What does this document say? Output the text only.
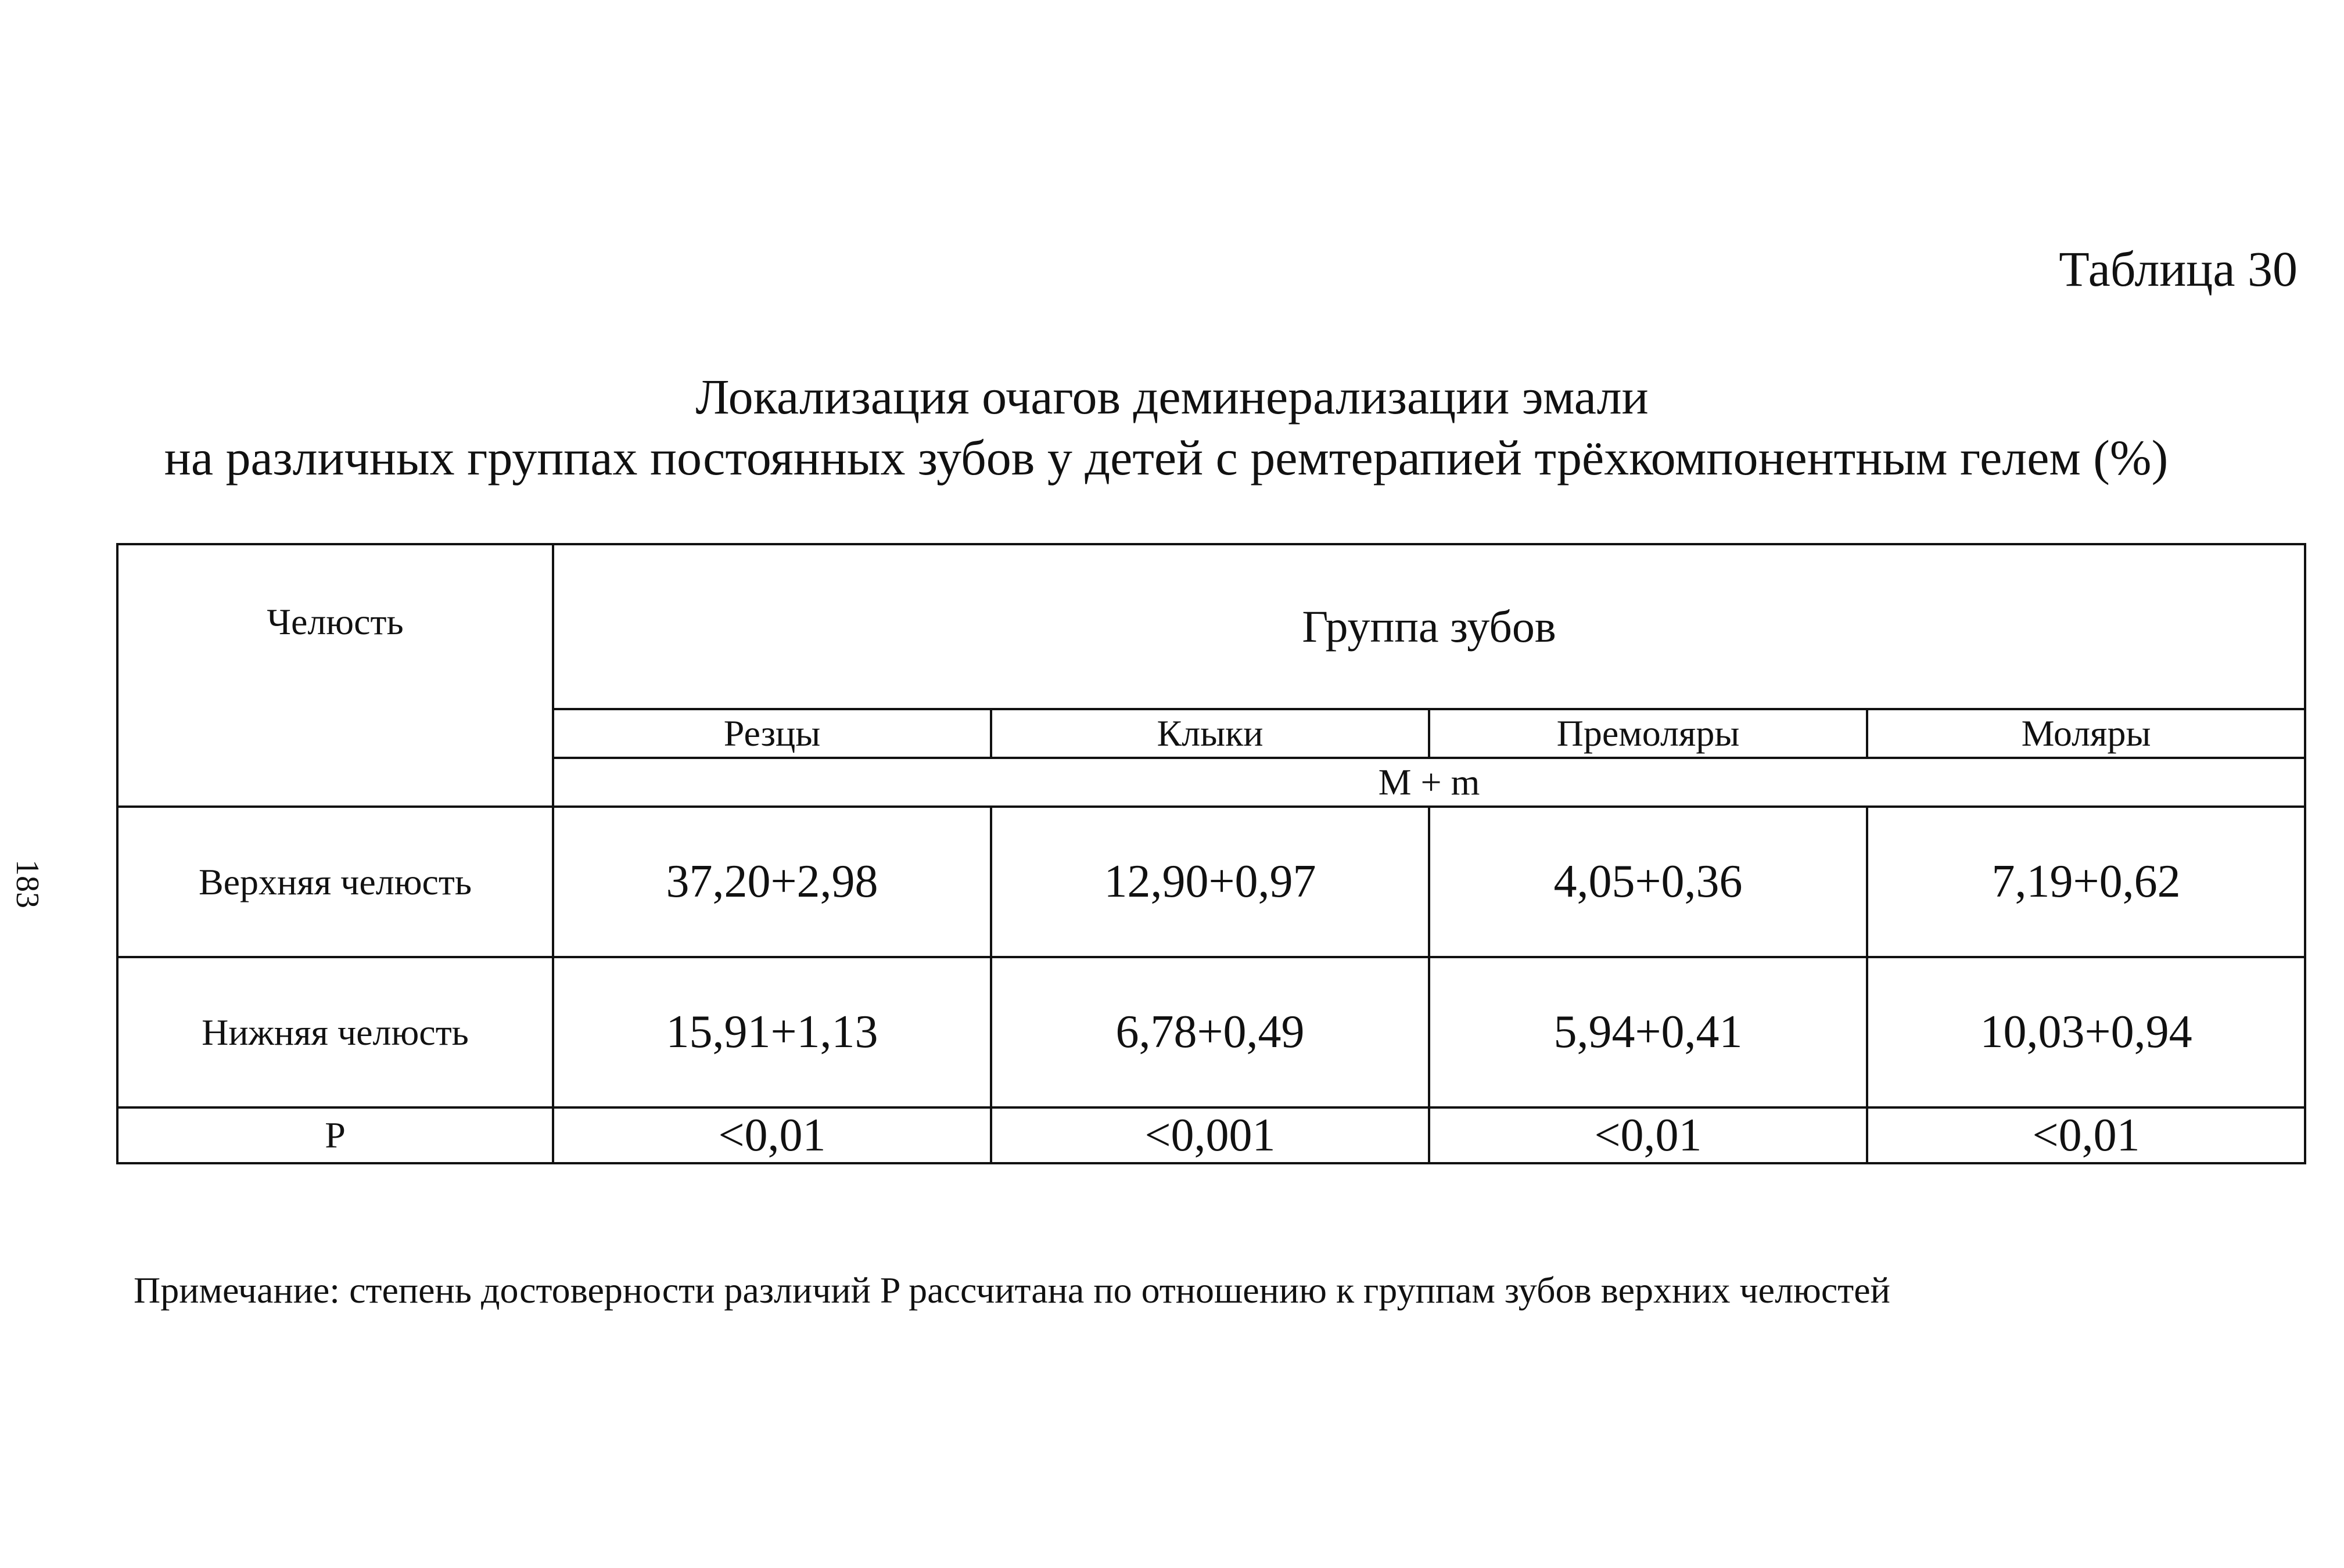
Таблица 30
Локализация очагов деминерализации эмали
на различных группах постоянных зубов у детей с ремтерапией трёхкомпонентным гелем (%)
183
Челюсть	Группа зубов			
	Резцы	Клыки	Премоляры	Моляры
	M + m			
Верхняя челюсть	37,20+2,98	12,90+0,97	4,05+0,36	7,19+0,62
Нижняя челюсть	15,91+1,13	6,78+0,49	5,94+0,41	10,03+0,94
P	<0,01	<0,001	<0,01	<0,01
Примечание: степень достоверности различий P рассчитана по отношению к группам зубов верхних челюстей
